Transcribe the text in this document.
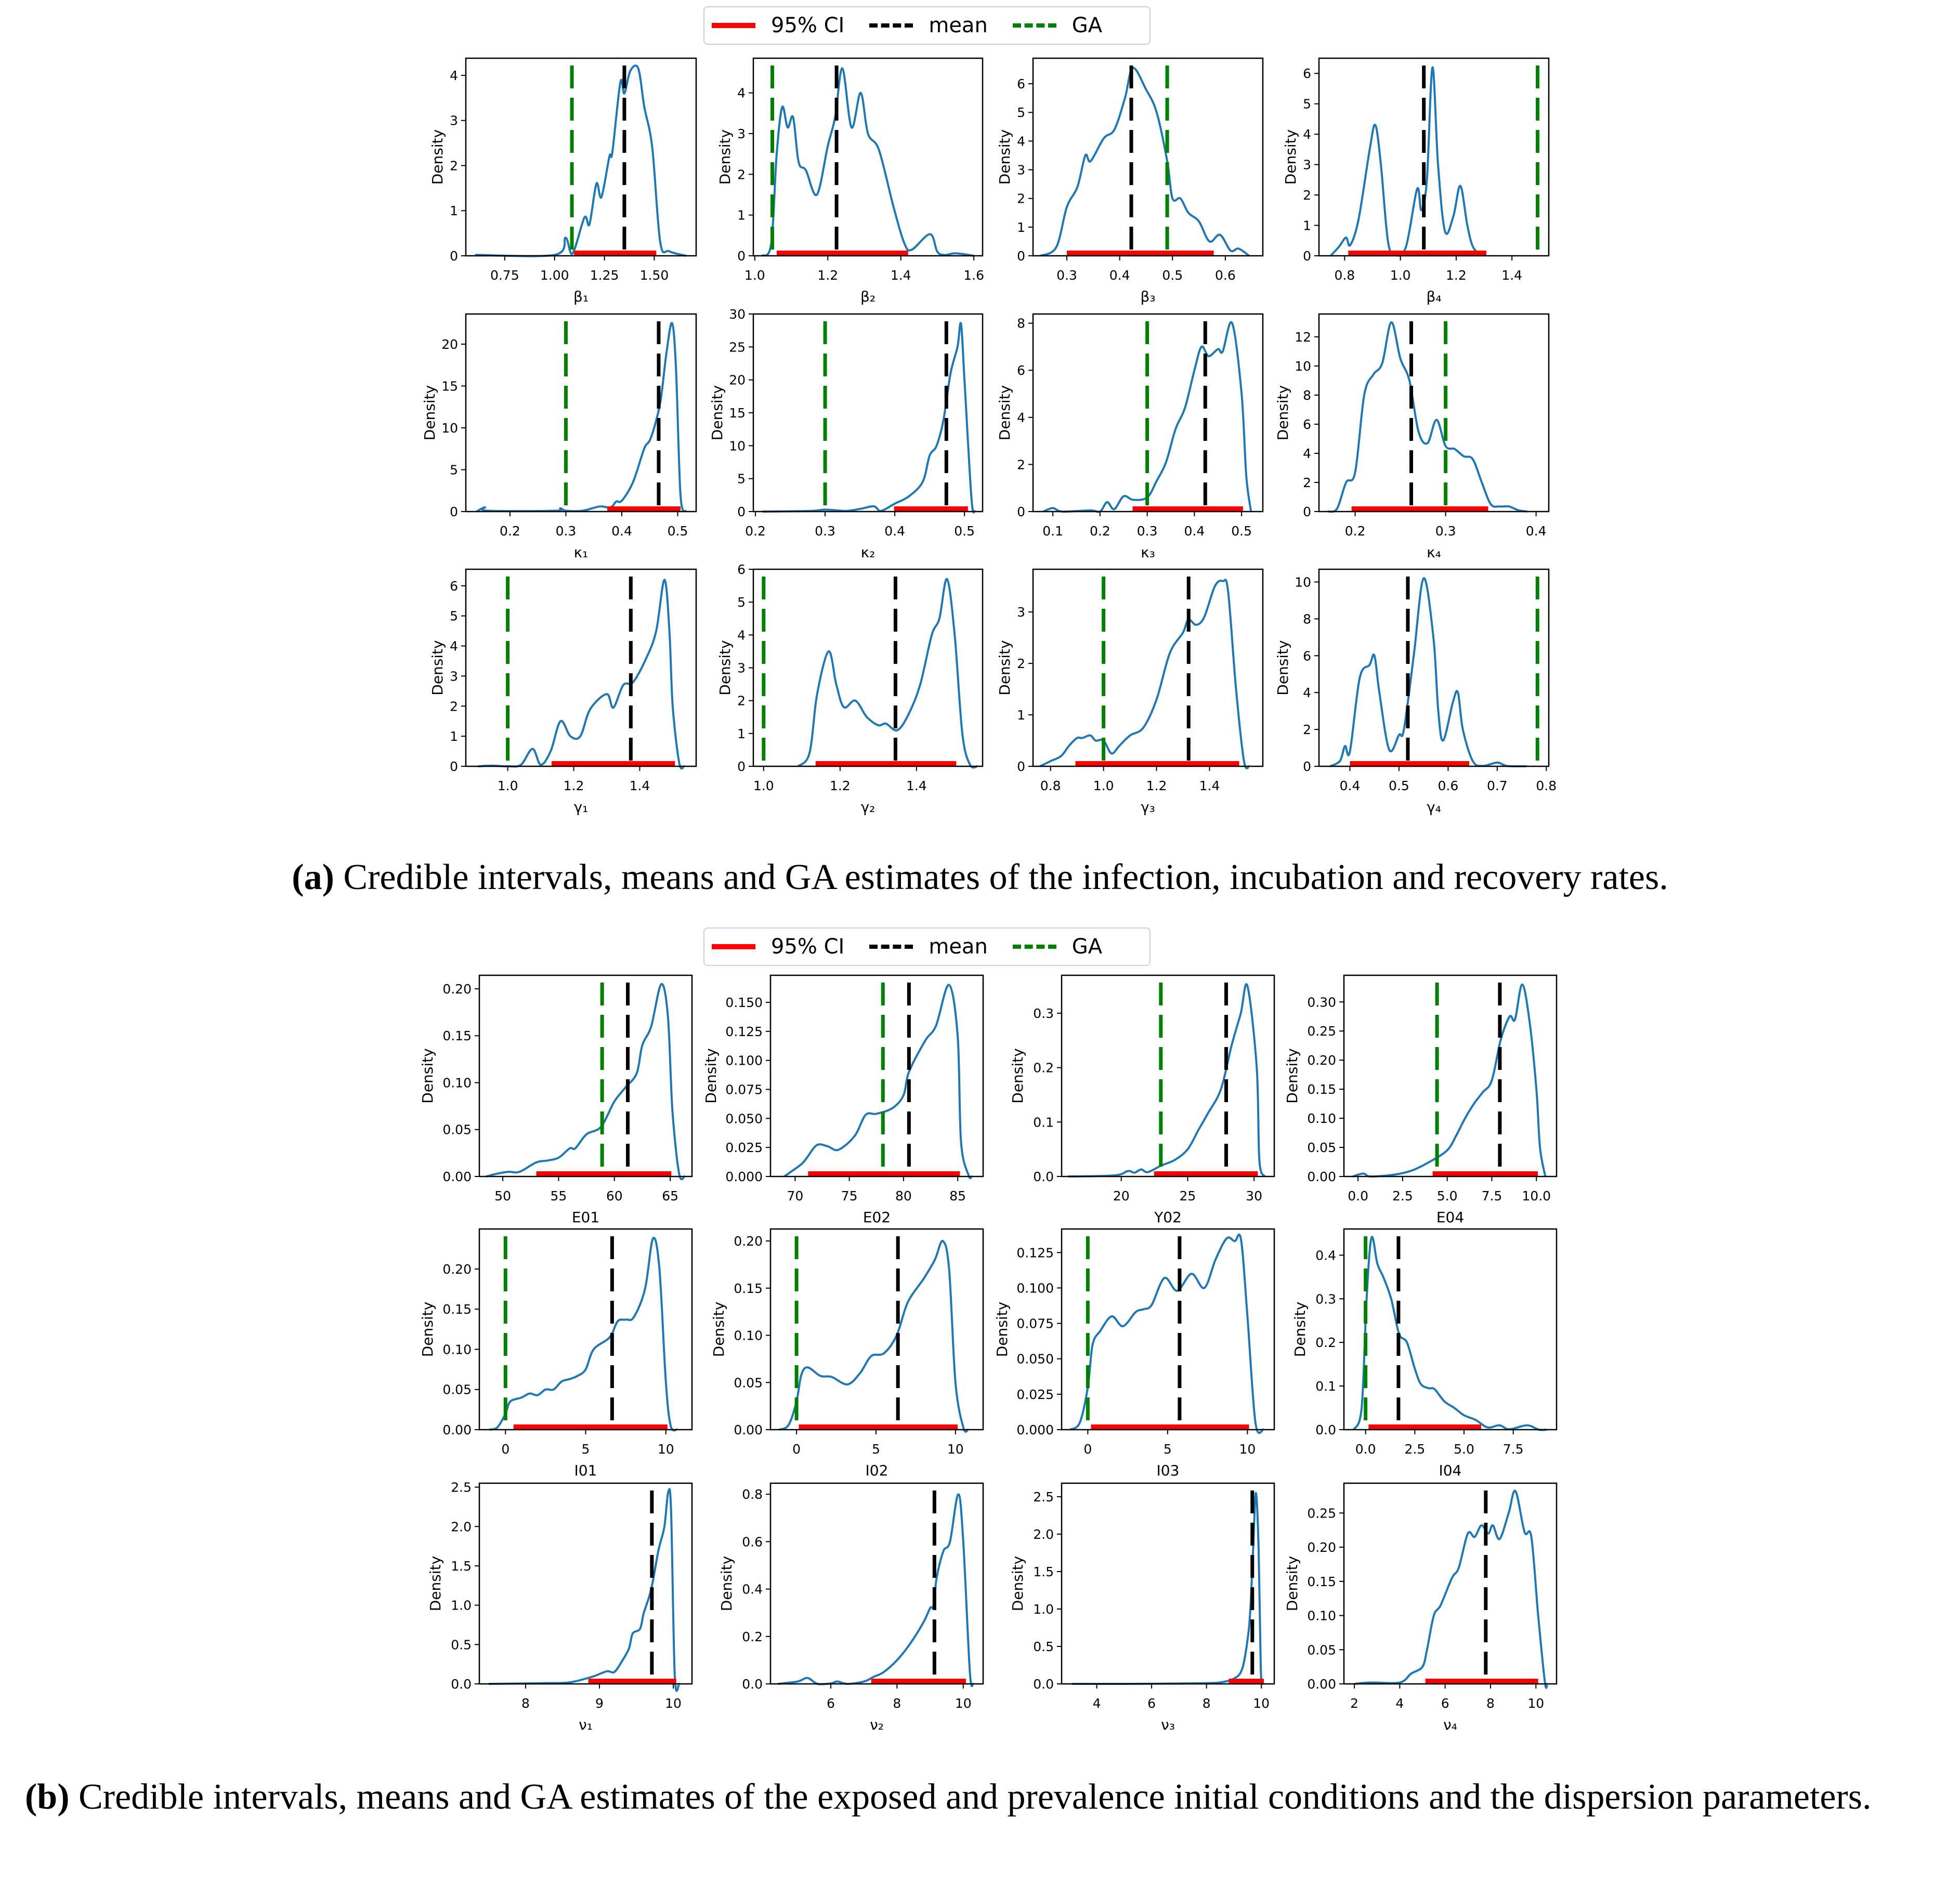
0.75 1.00 1.25 1.50
0
1
2
3
4
Density
β₁
1.0	1.2	1.4	1.6
0
1
2
3
4
Density
β₂
0.3 0.4 0.5 0.6
0
1
2
3
4
5
6
Density
β₃
0.8	1.0	1.2	1.4
0
1
2
3
4
5
6
Density
β₄
0.2	0.3	0.4	0.5
0
5
10
15
20
Density
κ₁
0.2	0.3	0.4	0.5
0
5
10
15
20
25
30
Density
κ₂
0.1 0.2 0.3 0.4 0.5
0
2
4
6
8
Density
κ₃
0.2	0.3	0.4
0
2
4
6
8
10
12
Density
κ₄
1.0	1.2	1.4
0
1
2
3
4
5
6
Density
γ₁
1.0	1.2	1.4
0
1
2
3
4
5
6
Density
γ₂
0.8 1.0 1.2 1.4
0
1
2
3
Density
γ₃
0.4 0.5 0.6 0.7 0.8
0
2
4
6
8
10
Density
γ₄
50	55	60	65
0.00
0.05
0.10
0.15
0.20
Density
E01
70	75	80	85
0.000
0.025
0.050
0.075
0.100
0.125
0.150
Density
E02
20	25	30
0.0
0.1
0.2
0.3
Density
Y02
0.0 2.5 5.0 7.5 10.0
0.00
0.05
0.10
0.15
0.20
0.25
0.30
Density
E04
0	5	10
0.00
0.05
0.10
0.15
0.20
Density
I01
0	5	10
0.00
0.05
0.10
0.15
0.20
Density
I02
0	5	10
0.000
0.025
0.050
0.075
0.100
0.125
Density
I03
0.0 2.5 5.0 7.5
0.0
0.1
0.2
0.3
0.4
Density
I04
8	9	10
0.0
0.5
1.0
1.5
2.0
2.5
Density
ν₁
6	8	10
0.0
0.2
0.4
0.6
0.8
Density
ν₂
4	6	8	10
0.0
0.5
1.0
1.5
2.0
2.5
Density
ν₃
2	4	6	8	10
0.00
0.05
0.10
0.15
0.20
0.25
Density
ν₄
95% CI	mean	GA
(a) Credible intervals, means and GA estimates of the infection, incubation and recovery rates.
95% CI	mean	GA
(b) Credible intervals, means and GA estimates of the exposed and prevalence initial conditions and the dispersion parameters.
